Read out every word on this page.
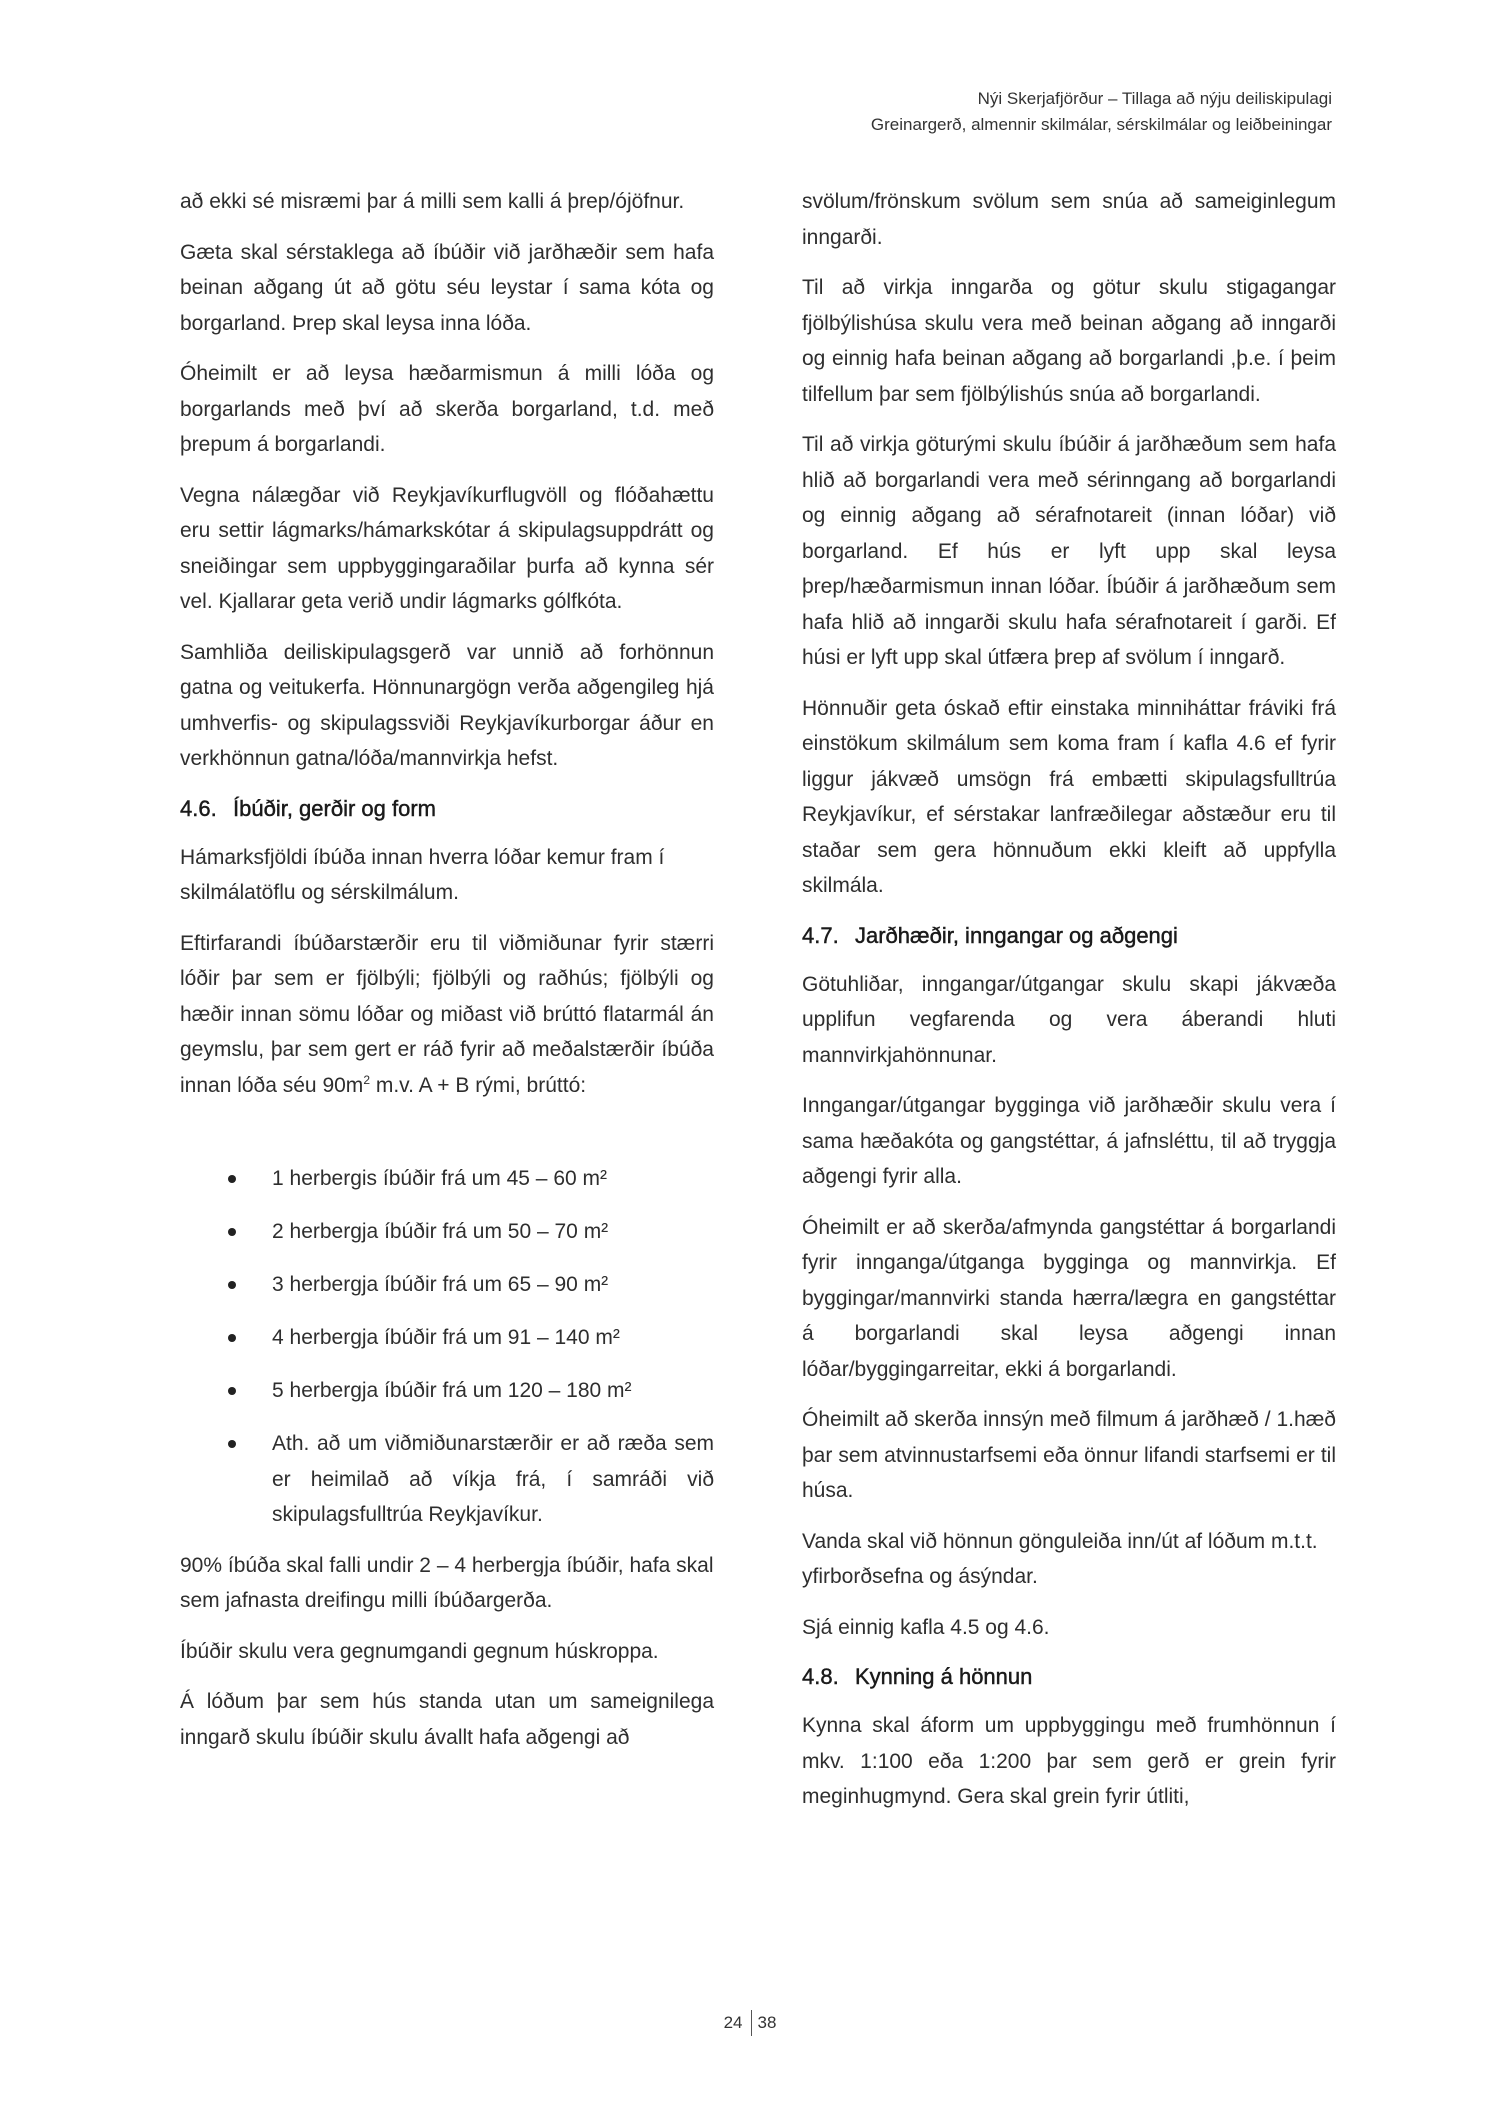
Nýi Skerjafjörður – Tillaga að nýju deiliskipulagi
Greinargerð, almennir skilmálar, sérskilmálar og leiðbeiningar

að ekki sé misræmi þar á milli sem kalli á þrep/ójöfnur.

Gæta skal sérstaklega að íbúðir við jarðhæðir sem hafa beinan aðgang út að götu séu leystar í sama kóta og borgarland. Þrep skal leysa inna lóða.

Óheimilt er að leysa hæðarmismun á milli lóða og borgarlands með því að skerða borgarland, t.d. með þrepum á borgarlandi.

Vegna nálægðar við Reykjavíkurflugvöll og flóðahættu eru settir lágmarks/hámarkskótar á skipulagsuppdrátt og sneiðingar sem uppbyggingaraðilar þurfa að kynna sér vel. Kjallarar geta verið undir lágmarks gólfkóta.

Samhliða deiliskipulagsgerð var unnið að forhönnun gatna og veitukerfa. Hönnunargögn verða aðgengileg hjá umhverfis- og skipulagssviði Reykjavíkurborgar áður en verkhönnun gatna/lóða/mannvirkja hefst.

4.6. Íbúðir, gerðir og form

Hámarksfjöldi íbúða innan hverra lóðar kemur fram í skilmálatöflu og sérskilmálum.

Eftirfarandi íbúðarstærðir eru til viðmiðunar fyrir stærri lóðir þar sem er fjölbýli; fjölbýli og raðhús; fjölbýli og hæðir innan sömu lóðar og miðast við brúttó flatarmál án geymslu, þar sem gert er ráð fyrir að meðalstærðir íbúða innan lóða séu $90m^2$ m.v. A + B rými, brúttó:

1 herbergis íbúðir frá um 45 – 60 m²
2 herbergja íbúðir frá um 50 – 70 m²
3 herbergja íbúðir frá um 65 – 90 m²
4 herbergja íbúðir frá um 91 – 140 m²
5 herbergja íbúðir frá um 120 – 180 m²
Ath. að um viðmiðunarstærðir er að ræða sem er heimilað að víkja frá, í samráði við skipulagsfulltrúa Reykjavíkur.

90% íbúða skal falli undir 2 – 4 herbergja íbúðir, hafa skal sem jafnasta dreifingu milli íbúðargerða.

Íbúðir skulu vera gegnumgandi gegnum húskroppa.

Á lóðum þar sem hús standa utan um sameignilega inngarð skulu íbúðir skulu ávallt hafa aðgengi að

svölum/frönskum svölum sem snúa að sameiginlegum inngarði.

Til að virkja inngarða og götur skulu stigagangar fjölbýlishúsa skulu vera með beinan aðgang að inngarði og einnig hafa beinan aðgang að borgarlandi ,þ.e. í þeim tilfellum þar sem fjölbýlishús snúa að borgarlandi.

Til að virkja göturými skulu íbúðir á jarðhæðum sem hafa hlið að borgarlandi vera með sérinngang að borgarlandi og einnig aðgang að sérafnotareit (innan lóðar) við borgarland. Ef hús er lyft upp skal leysa þrep/hæðarmismun innan lóðar. Íbúðir á jarðhæðum sem hafa hlið að inngarði skulu hafa sérafnotareit í garði. Ef húsi er lyft upp skal útfæra þrep af svölum í inngarð.

Hönnuðir geta óskað eftir einstaka minniháttar fráviki frá einstökum skilmálum sem koma fram í kafla 4.6 ef fyrir liggur jákvæð umsögn frá embætti skipulagsfulltrúa Reykjavíkur, ef sérstakar lanfræðilegar aðstæður eru til staðar sem gera hönnuðum ekki kleift að uppfylla skilmála.

4.7. Jarðhæðir, inngangar og aðgengi

Götuhliðar, inngangar/útgangar skulu skapi jákvæða upplifun vegfarenda og vera áberandi hluti mannvirkjahönnunar.

Inngangar/útgangar bygginga við jarðhæðir skulu vera í sama hæðakóta og gangstéttar, á jafnsléttu, til að tryggja aðgengi fyrir alla.

Óheimilt er að skerða/afmynda gangstéttar á borgarlandi fyrir innganga/útganga bygginga og mannvirkja. Ef byggingar/mannvirki standa hærra/lægra en gangstéttar á borgarlandi skal leysa aðgengi innan lóðar/byggingarreitar, ekki á borgarlandi.

Óheimilt að skerða innsýn með filmum á jarðhæð / 1.hæð þar sem atvinnustarfsemi eða önnur lifandi starfsemi er til húsa.

Vanda skal við hönnun gönguleiða inn/út af lóðum m.t.t. yfirborðsefna og ásýndar.

Sjá einnig kafla 4.5 og 4.6.

4.8. Kynning á hönnun

Kynna skal áform um uppbyggingu með frumhönnun í mkv. 1:100 eða 1:200 þar sem gerð er grein fyrir meginhugmynd. Gera skal grein fyrir útliti,

24 38
